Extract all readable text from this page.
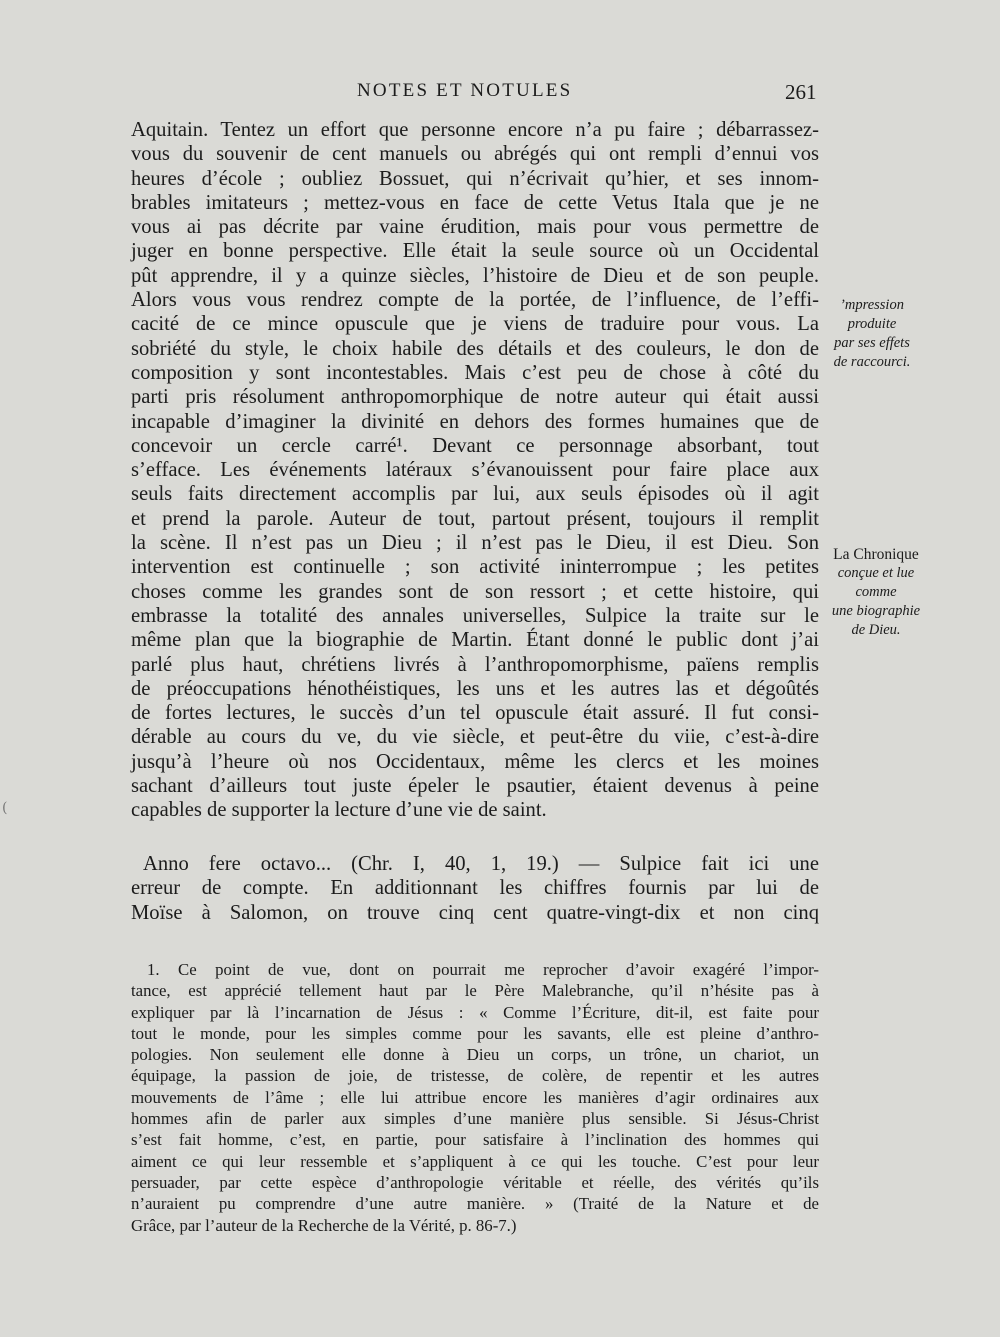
NOTES ET NOTULES	261
Aquitain. Tentez un effort que personne encore n’a pu faire ; débarrassez-
vous du souvenir de cent manuels ou abrégés qui ont rempli d’ennui vos
heures d’école ; oubliez Bossuet, qui n’écrivait qu’hier, et ses innom-
brables imitateurs ; mettez-vous en face de cette Vetus Itala que je ne
vous ai pas décrite par vaine érudition, mais pour vous permettre de
juger en bonne perspective. Elle était la seule source où un Occidental
pût apprendre, il y a quinze siècles, l’histoire de Dieu et de son peuple.
Alors vous vous rendrez compte de la portée, de l’influence, de l’effi-
cacité de ce mince opuscule que je viens de traduire pour vous. La
sobriété du style, le choix habile des détails et des couleurs, le don de
composition y sont incontestables. Mais c’est peu de chose à côté du
parti pris résolument anthropomorphique de notre auteur qui était aussi
incapable d’imaginer la divinité en dehors des formes humaines que de
concevoir un cercle carré¹. Devant ce personnage absorbant, tout
s’efface. Les événements latéraux s’évanouissent pour faire place aux
seuls faits directement accomplis par lui, aux seuls épisodes où il agit
et prend la parole. Auteur de tout, partout présent, toujours il remplit
la scène. Il n’est pas un Dieu ; il n’est pas le Dieu, il est Dieu. Son
intervention est continuelle ; son activité ininterrompue ; les petites
choses comme les grandes sont de son ressort ; et cette histoire, qui
embrasse la totalité des annales universelles, Sulpice la traite sur le
même plan que la biographie de Martin. Étant donné le public dont j’ai
parlé plus haut, chrétiens livrés à l’anthropomorphisme, païens remplis
de préoccupations hénothéistiques, les uns et les autres las et dégoûtés
de fortes lectures, le succès d’un tel opuscule était assuré. Il fut consi-
dérable au cours du ve, du vie siècle, et peut-être du viie, c’est-à-dire
jusqu’à l’heure où nos Occidentaux, même les clercs et les moines
sachant d’ailleurs tout juste épeler le psautier, étaient devenus à peine
capables de supporter la lecture d’une vie de saint.
Anno fere octavo... (Chr. I, 40, 1, 19.) — Sulpice fait ici une
erreur de compte. En additionnant les chiffres fournis par lui de
Moïse à Salomon, on trouve cinq cent quatre-vingt-dix et non cinq
1. Ce point de vue, dont on pourrait me reprocher d’avoir exagéré l’impor-
tance, est apprécié tellement haut par le Père Malebranche, qu’il n’hésite pas à
expliquer par là l’incarnation de Jésus : « Comme l’Écriture, dit-il, est faite pour
tout le monde, pour les simples comme pour les savants, elle est pleine d’anthro-
pologies. Non seulement elle donne à Dieu un corps, un trône, un chariot, un
équipage, la passion de joie, de tristesse, de colère, de repentir et les autres
mouvements de l’âme ; elle lui attribue encore les manières d’agir ordinaires aux
hommes afin de parler aux simples d’une manière plus sensible. Si Jésus-Christ
s’est fait homme, c’est, en partie, pour satisfaire à l’inclination des hommes qui
aiment ce qui leur ressemble et s’appliquent à ce qui les touche. C’est pour leur
persuader, par cette espèce d’anthropologie véritable et réelle, des vérités qu’ils
n’auraient pu comprendre d’une autre manière. » (Traité de la Nature et de
Grâce, par l’auteur de la Recherche de la Vérité, p. 86-7.)
’mpression
produite
par ses effets
de raccourci.
La Chronique
conçue et lue
comme
une biographie
de Dieu.
(
